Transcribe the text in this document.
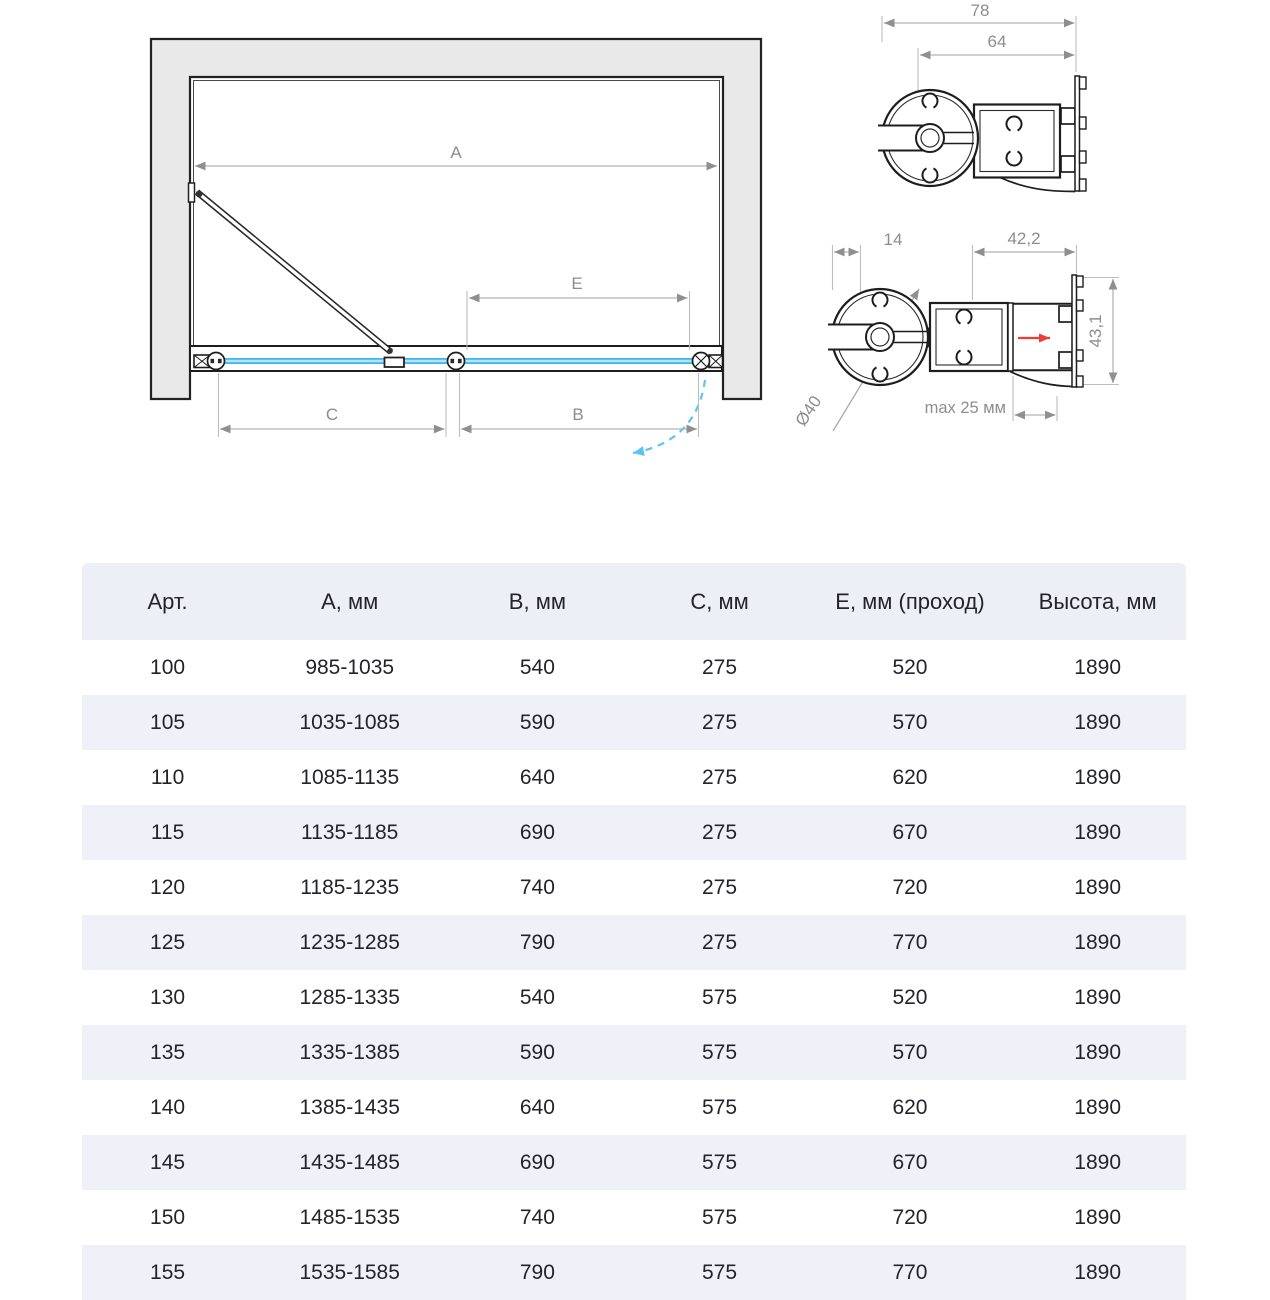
A
E
C	B
78
64
14	42,2
43,1
Ø40	max 25 мм
Арт.	А, мм	В, мм	С, мм	Е, мм (проход)	Высота, мм
100	985-1035	540	275	520	1890
105	1035-1085	590	275	570	1890
110	1085-1135	640	275	620	1890
115	1135-1185	690	275	670	1890
120	1185-1235	740	275	720	1890
125	1235-1285	790	275	770	1890
130	1285-1335	540	575	520	1890
135	1335-1385	590	575	570	1890
140	1385-1435	640	575	620	1890
145	1435-1485	690	575	670	1890
150	1485-1535	740	575	720	1890
155	1535-1585	790	575	770	1890
